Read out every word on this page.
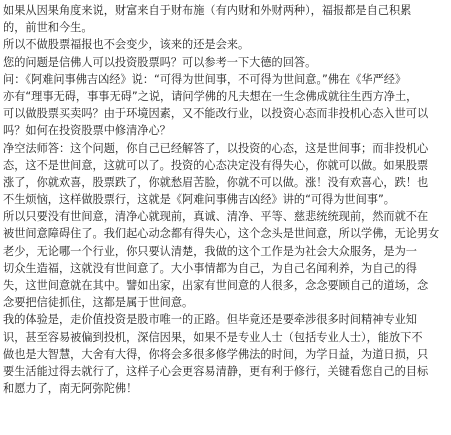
如果从因果角度来说，财富来自于财布施（有内财和外财两种），福报都是自己积累
的，前世和今生。
所以不做股票福报也不会变少，该来的还是会来。
您的问题是信佛人可以投资股票吗？可以参考一下大德的回答。
问：《阿难问事佛吉凶经》说：“可得为世间事，不可得为世间意。”佛在《华严经》
亦有“理事无碍，事事无碍”之说，请问学佛的凡夫想在一生念佛成就往生西方净土，
可以做股票买卖吗？由于环境因素，又不能改行业，以投资心态而非投机心态入世可以
吗？如何在投资股票中修清净心？
净空法师答：这个问题，你自己已经解答了，以投资的心态，这是世间事；而非投机心
态，这不是世间意，这就可以了。投资的心态决定没有得失心，你就可以做。如果股票
涨了，你就欢喜，股票跌了，你就愁眉苦脸，你就不可以做。涨！没有欢喜心，跌！也
不生烦恼，这样做股票行，这就是《阿难问事佛吉凶经》讲的“可得为世间事”。
所以只要没有世间意，清净心就现前，真诚、清净、平等、慈悲统统现前，然而就不在
被世间意障碍住了。我们起心动念都有得失心，这个念头是世间意，所以学佛，无论男女
老少，无论哪一个行业，你只要认清楚，我做的这个工作是为社会大众服务，是为一
切众生造福，这就没有世间意了。大小事情都为自己，为自己名闻利养，为自己的得
失，这世间意就在其中。譬如出家，出家有世间意的人很多，念念要顾自己的道场，念
念要把信徒抓住，这都是属于世间意。
我的体验是，走价值投资是股市唯一的正路。但毕竟还是要牵涉很多时间精神专业知
识，甚至容易被偏到投机，深信因果，如果不是专业人士（包括专业人士），能放下不
做也是大智慧，大舍有大得，你将会多很多修学佛法的时间，为学日益，为道日损，只
要生活能过得去就行了，这样子心会更容易清静，更有利于修行，关键看您自己的目标
和愿力了，南无阿弥陀佛！
